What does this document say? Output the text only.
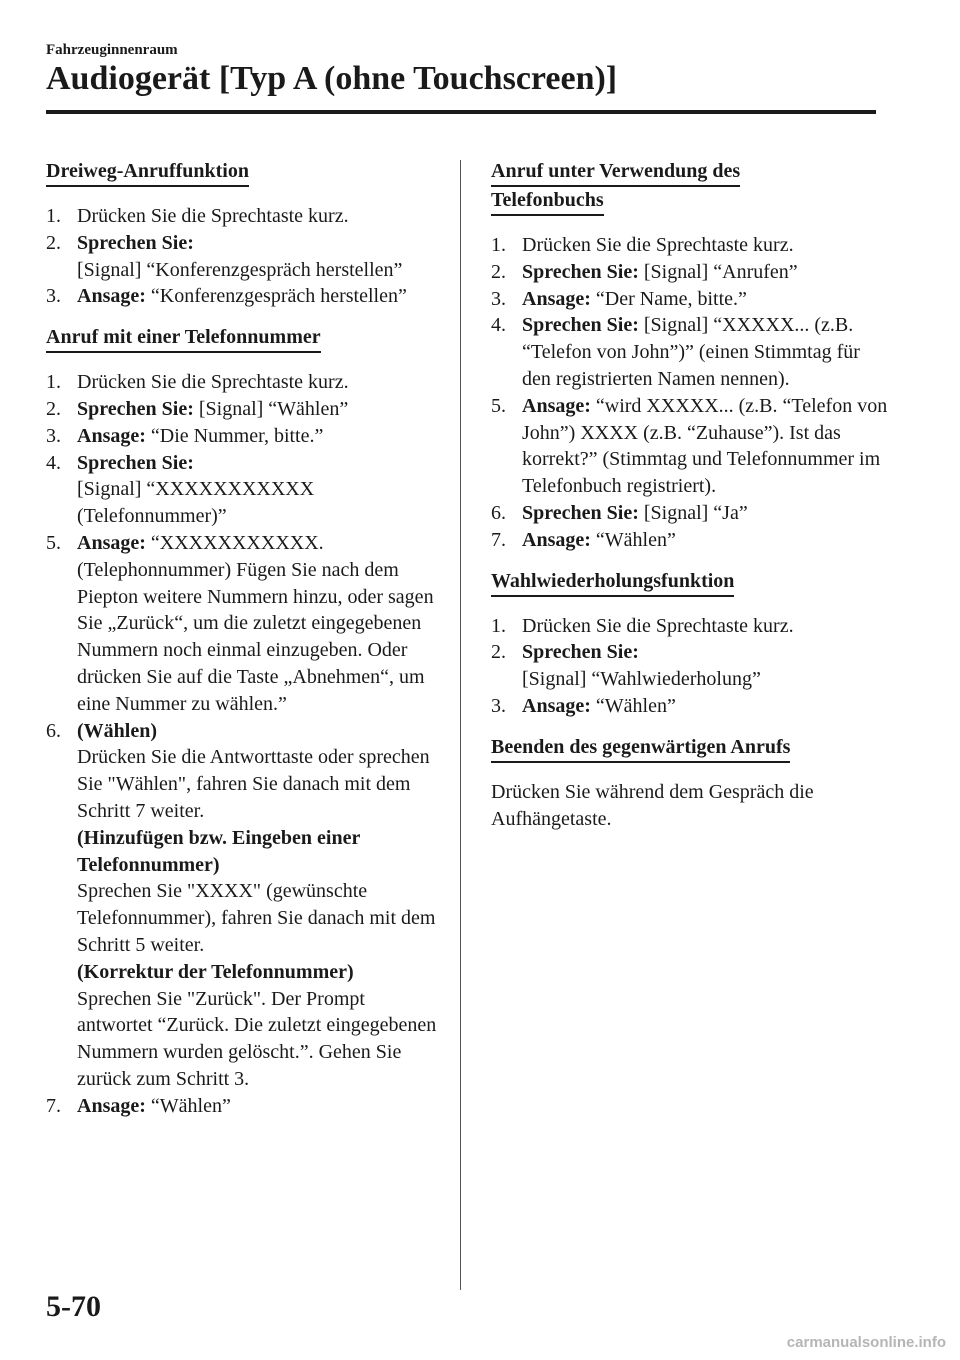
Fahrzeuginnenraum
Audiogerät [Typ A (ohne Touchscreen)]
Dreiweg-Anruffunktion
1. Drücken Sie die Sprechtaste kurz.
2. Sprechen Sie:
[Signal] “Konferenzgespräch herstellen”
3. Ansage: “Konferenzgespräch herstellen”
Anruf mit einer Telefonnummer
1. Drücken Sie die Sprechtaste kurz.
2. Sprechen Sie: [Signal] “Wählen”
3. Ansage: “Die Nummer, bitte.”
4. Sprechen Sie:
[Signal] “XXXXXXXXXXX (Telefonnummer)”
5. Ansage: “XXXXXXXXXXX. (Telephonnummer) Fügen Sie nach dem Piepton weitere Nummern hinzu, oder sagen Sie „Zurück“, um die zuletzt eingegebenen Nummern noch einmal einzugeben. Oder drücken Sie auf die Taste „Abnehmen“, um eine Nummer zu wählen.”
6. (Wählen)
Drücken Sie die Antworttaste oder sprechen Sie "Wählen", fahren Sie danach mit dem Schritt 7 weiter.
(Hinzufügen bzw. Eingeben einer Telefonnummer)
Sprechen Sie "XXXX" (gewünschte Telefonnummer), fahren Sie danach mit dem Schritt 5 weiter.
(Korrektur der Telefonnummer)
Sprechen Sie "Zurück". Der Prompt antwortet “Zurück. Die zuletzt eingegebenen Nummern wurden gelöscht.”. Gehen Sie zurück zum Schritt 3.
7. Ansage: “Wählen”
Anruf unter Verwendung des
Telefonbuchs
1. Drücken Sie die Sprechtaste kurz.
2. Sprechen Sie: [Signal] “Anrufen”
3. Ansage: “Der Name, bitte.”
4. Sprechen Sie: [Signal] “XXXXX... (z.B. “Telefon von John”)” (einen Stimmtag für den registrierten Namen nennen).
5. Ansage: “wird XXXXX... (z.B. “Telefon von John”) XXXX (z.B. “Zuhause”). Ist das korrekt?” (Stimmtag und Telefonnummer im Telefonbuch registriert).
6. Sprechen Sie: [Signal] “Ja”
7. Ansage: “Wählen”
Wahlwiederholungsfunktion
1. Drücken Sie die Sprechtaste kurz.
2. Sprechen Sie:
[Signal] “Wahlwiederholung”
3. Ansage: “Wählen”
Beenden des gegenwärtigen Anrufs

Drücken Sie während dem Gespräch die Aufhängetaste.

5-70
carmanualsonline.info
